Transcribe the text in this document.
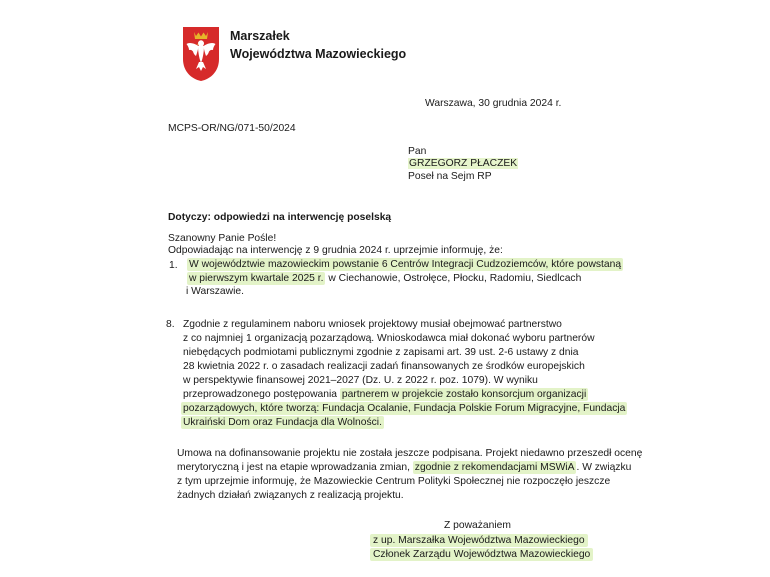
Marszałek
Województwa Mazowieckiego
Warszawa, 30 grudnia 2024 r.
MCPS-OR/NG/071-50/2024
Pan
GRZEGORZ PŁACZEK
Poseł na Sejm RP
Dotyczy: odpowiedzi na interwencję poselską
Szanowny Panie Pośle!
Odpowiadając na interwencję z 9 grudnia 2024 r. uprzejmie informuję, że:
1.	W województwie mazowieckim powstanie 6 Centrów Integracji Cudzoziemców, które powstaną
w pierwszym kwartale 2025 r. w Ciechanowie, Ostrołęce, Płocku, Radomiu, Siedlcach
i Warszawie.
8. Zgodnie z regulaminem naboru wniosek projektowy musiał obejmować partnerstwo
z co najmniej 1 organizacją pozarządową. Wnioskodawca miał dokonać wyboru partnerów
niebędących podmiotami publicznymi zgodnie z zapisami art. 39 ust. 2-6 ustawy z dnia
28 kwietnia 2022 r. o zasadach realizacji zadań finansowanych ze środków europejskich
w perspektywie finansowej 2021–2027 (Dz. U. z 2022 r. poz. 1079). W wyniku
przeprowadzonego postępowania partnerem w projekcie zostało konsorcjum organizacji
pozarządowych, które tworzą: Fundacja Ocalanie, Fundacja Polskie Forum Migracyjne, Fundacja
Ukraiński Dom oraz Fundacja dla Wolności.
Umowa na dofinansowanie projektu nie została jeszcze podpisana. Projekt niedawno przeszedł ocenę
merytoryczną i jest na etapie wprowadzania zmian, zgodnie z rekomendacjami MSWiA . W związku
z tym uprzejmie informuję, że Mazowieckie Centrum Polityki Społecznej nie rozpoczęło jeszcze
żadnych działań związanych z realizacją projektu.
Z poważaniem
z up. Marszałka Województwa Mazowieckiego
Członek Zarządu Województwa Mazowieckiego
